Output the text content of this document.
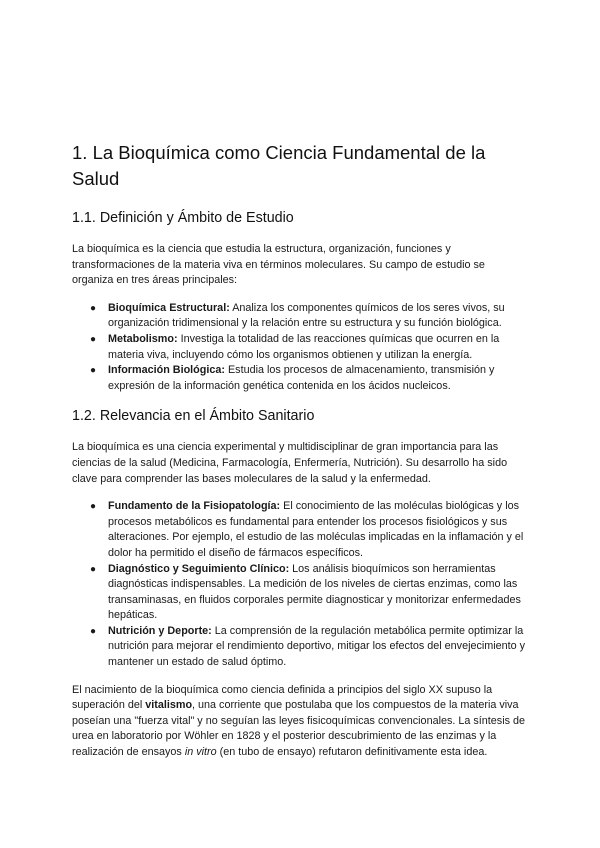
1. La Bioquímica como Ciencia Fundamental de la Salud
1.1. Definición y Ámbito de Estudio

La bioquímica es la ciencia que estudia la estructura, organización, funciones y transformaciones de la materia viva en términos moleculares. Su campo de estudio se organiza en tres áreas principales:

● Bioquímica Estructural: Analiza los componentes químicos de los seres vivos, su organización tridimensional y la relación entre su estructura y su función biológica.
● Metabolismo: Investiga la totalidad de las reacciones químicas que ocurren en la materia viva, incluyendo cómo los organismos obtienen y utilizan la energía.
● Información Biológica: Estudia los procesos de almacenamiento, transmisión y expresión de la información genética contenida en los ácidos nucleicos.
1.2. Relevancia en el Ámbito Sanitario

La bioquímica es una ciencia experimental y multidisciplinar de gran importancia para las ciencias de la salud (Medicina, Farmacología, Enfermería, Nutrición). Su desarrollo ha sido clave para comprender las bases moleculares de la salud y la enfermedad.

● Fundamento de la Fisiopatología: El conocimiento de las moléculas biológicas y los procesos metabólicos es fundamental para entender los procesos fisiológicos y sus alteraciones. Por ejemplo, el estudio de las moléculas implicadas en la inflamación y el dolor ha permitido el diseño de fármacos específicos.
● Diagnóstico y Seguimiento Clínico: Los análisis bioquímicos son herramientas diagnósticas indispensables. La medición de los niveles de ciertas enzimas, como las transaminasas, en fluidos corporales permite diagnosticar y monitorizar enfermedades hepáticas.
● Nutrición y Deporte: La comprensión de la regulación metabólica permite optimizar la nutrición para mejorar el rendimiento deportivo, mitigar los efectos del envejecimiento y mantener un estado de salud óptimo.

El nacimiento de la bioquímica como ciencia definida a principios del siglo XX supuso la superación del vitalismo, una corriente que postulaba que los compuestos de la materia viva poseían una "fuerza vital" y no seguían las leyes fisicoquímicas convencionales. La síntesis de urea en laboratorio por Wöhler en 1828 y el posterior descubrimiento de las enzimas y la realización de ensayos in vitro (en tubo de ensayo) refutaron definitivamente esta idea.
